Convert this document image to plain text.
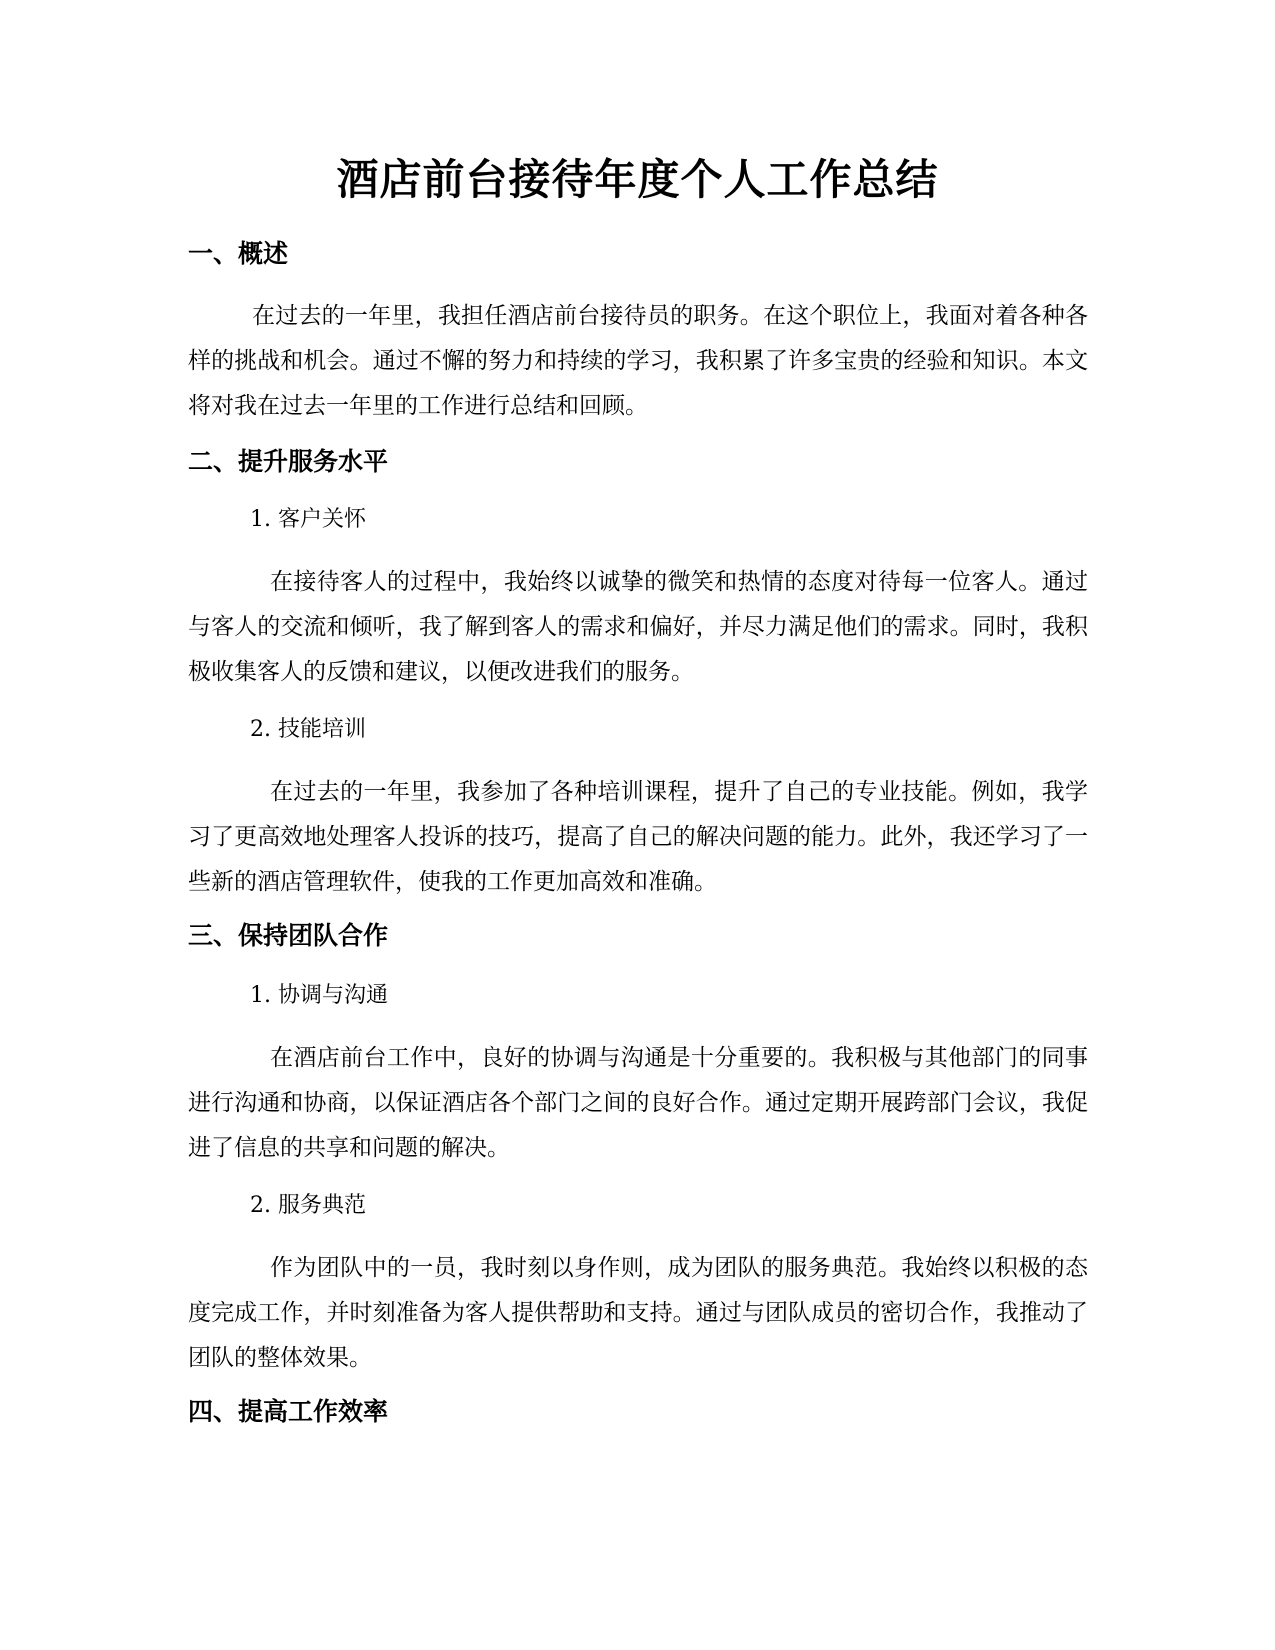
酒店前台接待年度个人工作总结
一、概述

在过去的一年里，我担任酒店前台接待员的职务。在这个职位上，我面对着各种各样的挑战和机会。通过不懈的努力和持续的学习，我积累了许多宝贵的经验和知识。本文将对我在过去一年里的工作进行总结和回顾。

二、提升服务水平

1. 客户关怀

在接待客人的过程中，我始终以诚挚的微笑和热情的态度对待每一位客人。通过与客人的交流和倾听，我了解到客人的需求和偏好，并尽力满足他们的需求。同时，我积极收集客人的反馈和建议，以便改进我们的服务。

2. 技能培训

在过去的一年里，我参加了各种培训课程，提升了自己的专业技能。例如，我学习了更高效地处理客人投诉的技巧，提高了自己的解决问题的能力。此外，我还学习了一些新的酒店管理软件，使我的工作更加高效和准确。

三、保持团队合作

1. 协调与沟通

在酒店前台工作中，良好的协调与沟通是十分重要的。我积极与其他部门的同事进行沟通和协商，以保证酒店各个部门之间的良好合作。通过定期开展跨部门会议，我促进了信息的共享和问题的解决。

2. 服务典范

作为团队中的一员，我时刻以身作则，成为团队的服务典范。我始终以积极的态度完成工作，并时刻准备为客人提供帮助和支持。通过与团队成员的密切合作，我推动了团队的整体效果。

四、提高工作效率
